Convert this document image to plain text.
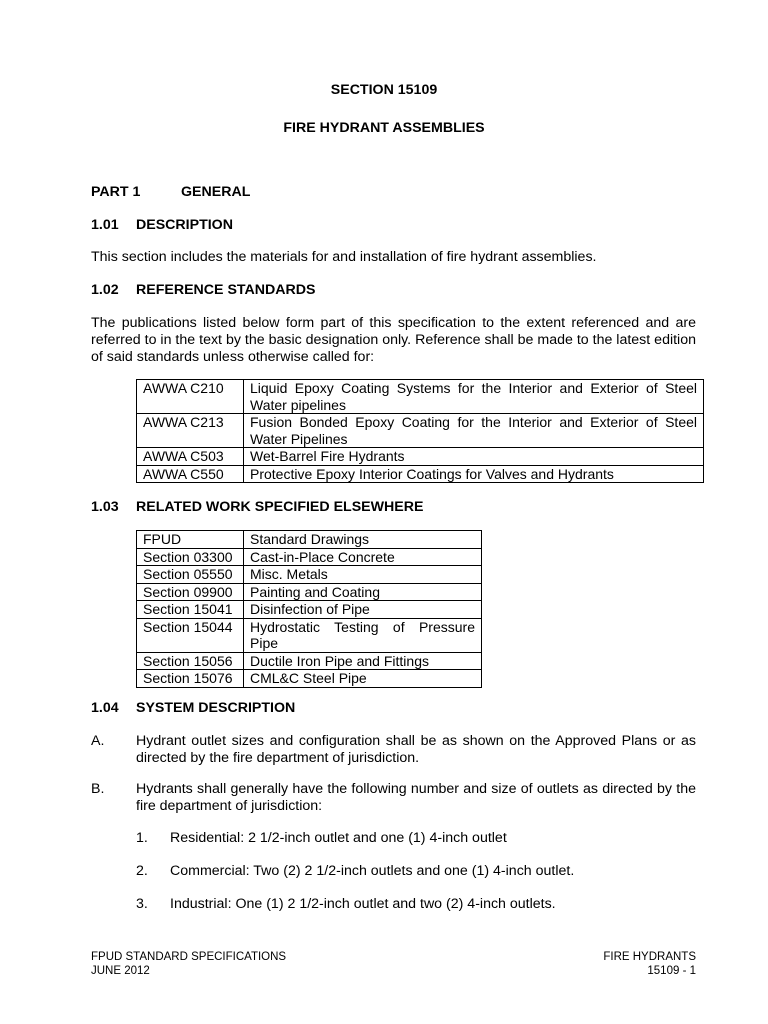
SECTION 15109
FIRE HYDRANT ASSEMBLIES
PART 1	GENERAL
1.01 DESCRIPTION
This section includes the materials for and installation of fire hydrant assemblies.
1.02 REFERENCE STANDARDS

The publications listed below form part of this specification to the extent referenced and are referred to in the text by the basic designation only. Reference shall be made to the latest edition of said standards unless otherwise called for:

AWWA C210	Liquid Epoxy Coating Systems for the Interior and Exterior of Steel Water pipelines
AWWA C213	Fusion Bonded Epoxy Coating for the Interior and Exterior of Steel Water Pipelines
AWWA C503	Wet-Barrel Fire Hydrants
AWWA C550	Protective Epoxy Interior Coatings for Valves and Hydrants
1.03 RELATED WORK SPECIFIED ELSEWHERE
FPUD	Standard Drawings
Section 03300	Cast-in-Place Concrete
Section 05550	Misc. Metals
Section 09900	Painting and Coating
Section 15041	Disinfection of Pipe
Section 15044	Hydrostatic Testing of Pressure Pipe
Section 15056	Ductile Iron Pipe and Fittings
Section 15076	CML&C Steel Pipe
1.04 SYSTEM DESCRIPTION
A. Hydrant outlet sizes and configuration shall be as shown on the Approved Plans or as directed by the fire department of jurisdiction.

B. Hydrants shall generally have the following number and size of outlets as directed by the fire department of jurisdiction:

1. Residential: 2 1/2-inch outlet and one (1) 4-inch outlet
2. Commercial: Two (2) 2 1/2-inch outlets and one (1) 4-inch outlet.
3. Industrial: One (1) 2 1/2-inch outlet and two (2) 4-inch outlets.
FPUD STANDARD SPECIFICATIONS
JUNE 2012
FIRE HYDRANTS
15109 - 1
